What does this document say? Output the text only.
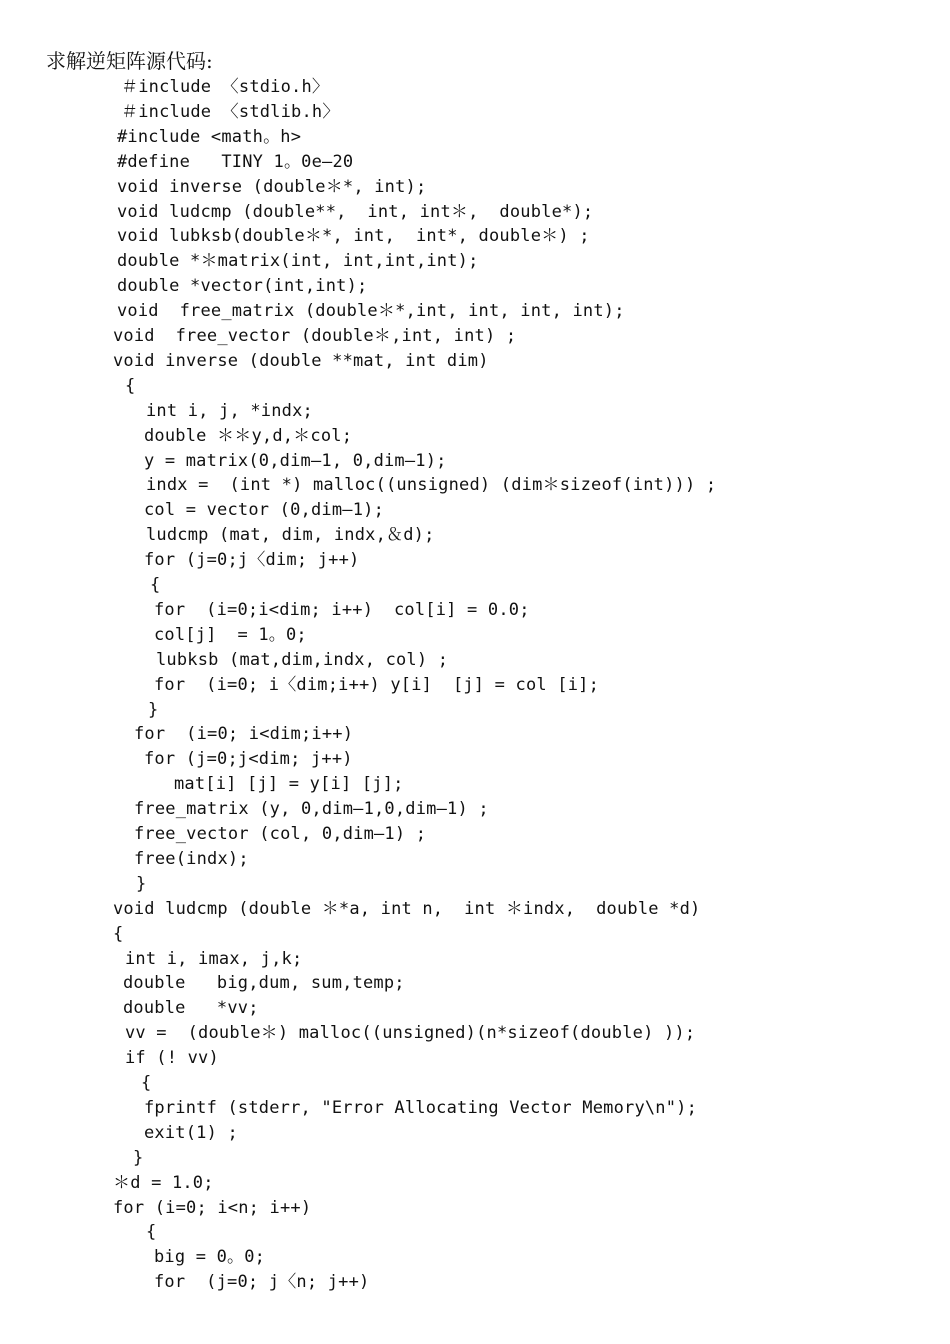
求解逆矩阵源代码:
＃include 〈stdio.h〉
＃include 〈stdlib.h〉
#include <math。h>
#define   TINY 1。0e—20
void inverse (double＊*, int);
void ludcmp (double**,  int, int＊,  double*);
void lubksb(double＊*, int,  int*, double＊) ;
double *＊matrix(int, int,int,int);
double *vector(int,int);
void  free_matrix (double＊*,int, int, int, int);
void  free_vector (double＊,int, int) ;
void inverse (double **mat, int dim)
{
int i, j, *indx;
double ＊＊y,d,＊col;
y = matrix(0,dim—1, 0,dim—1);
indx =  (int *) malloc((unsigned) (dim＊sizeof(int))) ;
col = vector (0,dim—1);
ludcmp (mat, dim, indx,＆d);
for (j=0;j〈dim; j++)
{
for  (i=0;i<dim; i++)  col[i] = 0.0;
col[j]  = 1。0;
lubksb (mat,dim,indx, col) ;
for  (i=0; i〈dim;i++) y[i]  [j] = col [i];
}
for  (i=0; i<dim;i++)
for (j=0;j<dim; j++)
mat[i] [j] = y[i] [j];
free_matrix (y, 0,dim—1,0,dim—1) ;
free_vector (col, 0,dim—1) ;
free(indx);
}
void ludcmp (double ＊*a, int n,  int ＊indx,  double *d)
{
int i, imax, j,k;
double   big,dum, sum,temp;
double   *vv;
vv =  (double＊) malloc((unsigned)(n*sizeof(double) ));
if (! vv)
{
fprintf (stderr, "Error Allocating Vector Memory\n");
exit(1) ;
}
＊d = 1.0;
for (i=0; i<n; i++)
{
big = 0。0;
for  (j=0; j〈n; j++)
